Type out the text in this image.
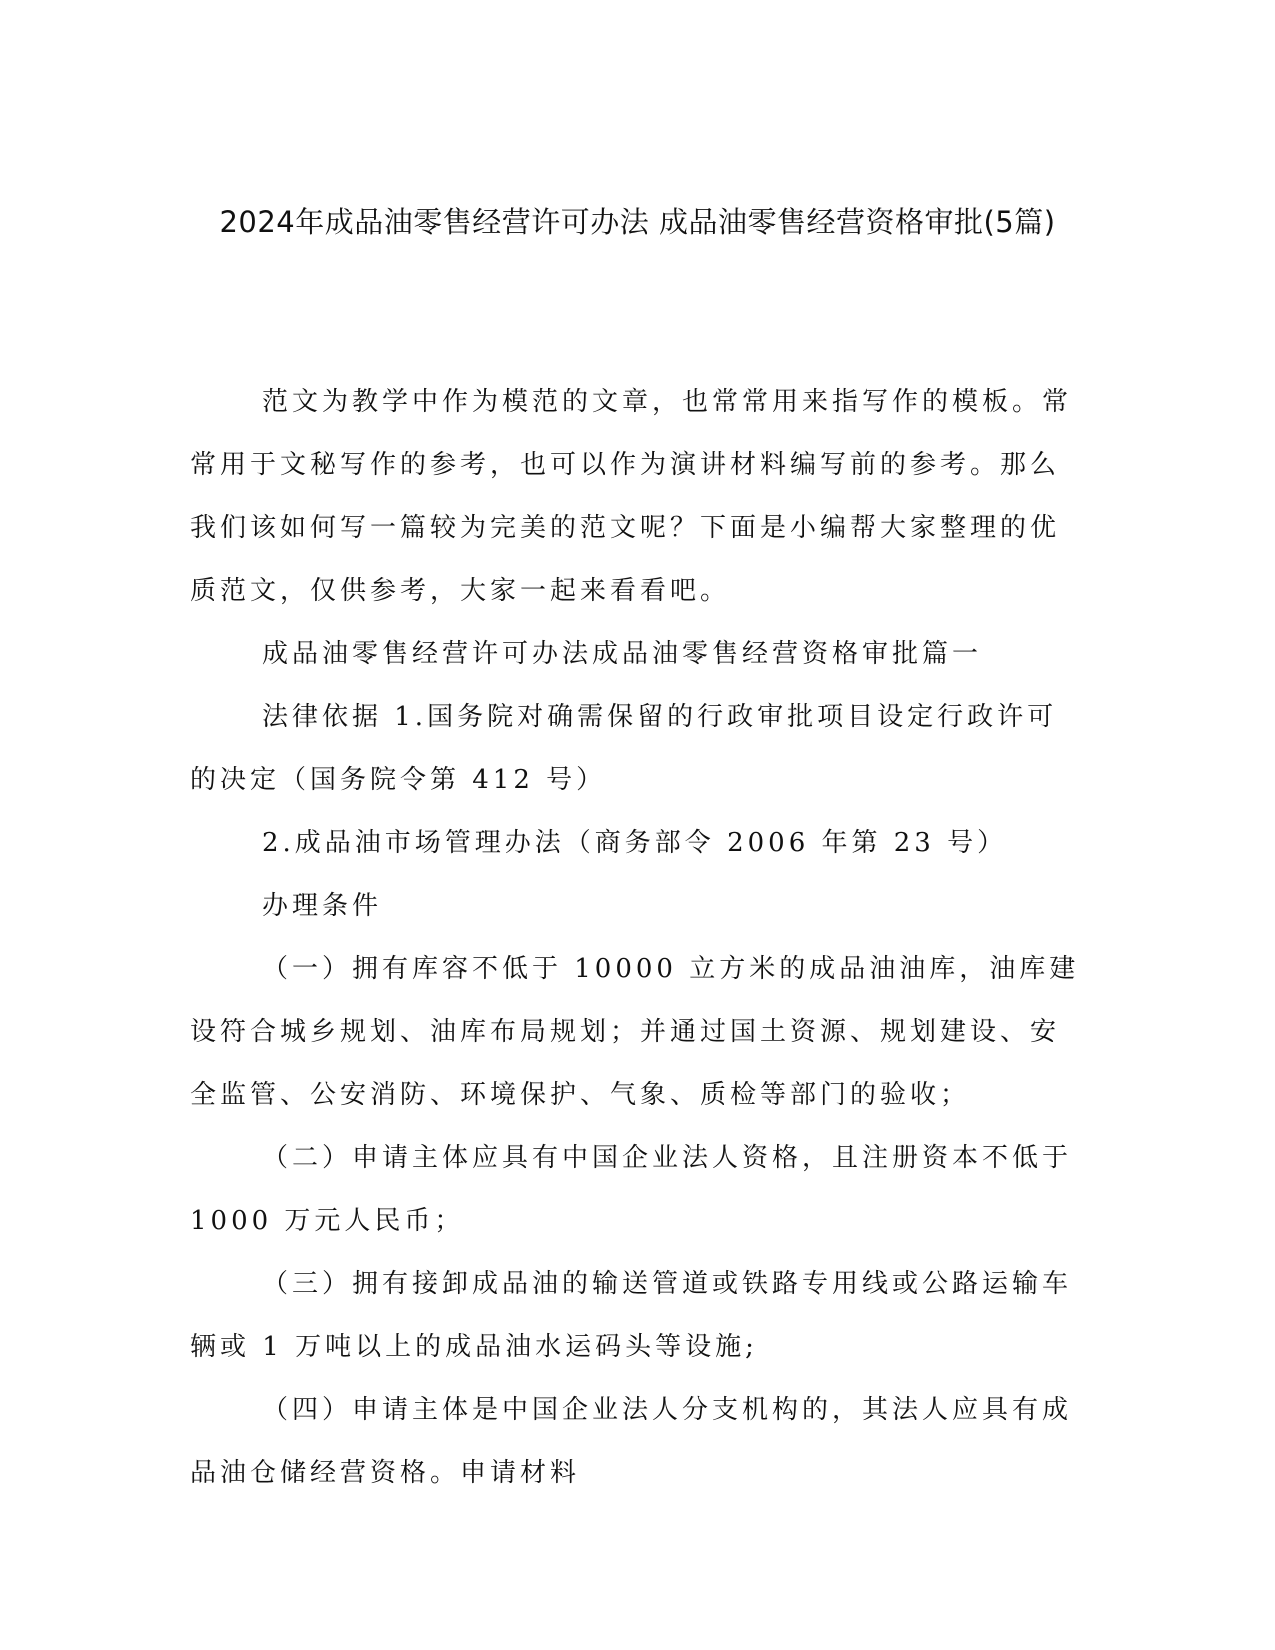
2024年成品油零售经营许可办法 成品油零售经营资格审批(5篇)

范文为教学中作为模范的文章，也常常用来指写作的模板。常常用于文秘写作的参考，也可以作为演讲材料编写前的参考。那么我们该如何写一篇较为完美的范文呢？下面是小编帮大家整理的优质范文，仅供参考，大家一起来看看吧。

成品油零售经营许可办法成品油零售经营资格审批篇一

法律依据 1.国务院对确需保留的行政审批项目设定行政许可的决定（国务院令第 412 号）

2.成品油市场管理办法（商务部令 2006 年第 23 号）

办理条件

（一）拥有库容不低于 10000 立方米的成品油油库，油库建设符合城乡规划、油库布局规划；并通过国土资源、规划建设、安全监管、公安消防、环境保护、气象、质检等部门的验收；

（二）申请主体应具有中国企业法人资格，且注册资本不低于 1000 万元人民币；

（三）拥有接卸成品油的输送管道或铁路专用线或公路运输车辆或 1 万吨以上的成品油水运码头等设施;

（四）申请主体是中国企业法人分支机构的，其法人应具有成品油仓储经营资格。申请材料
